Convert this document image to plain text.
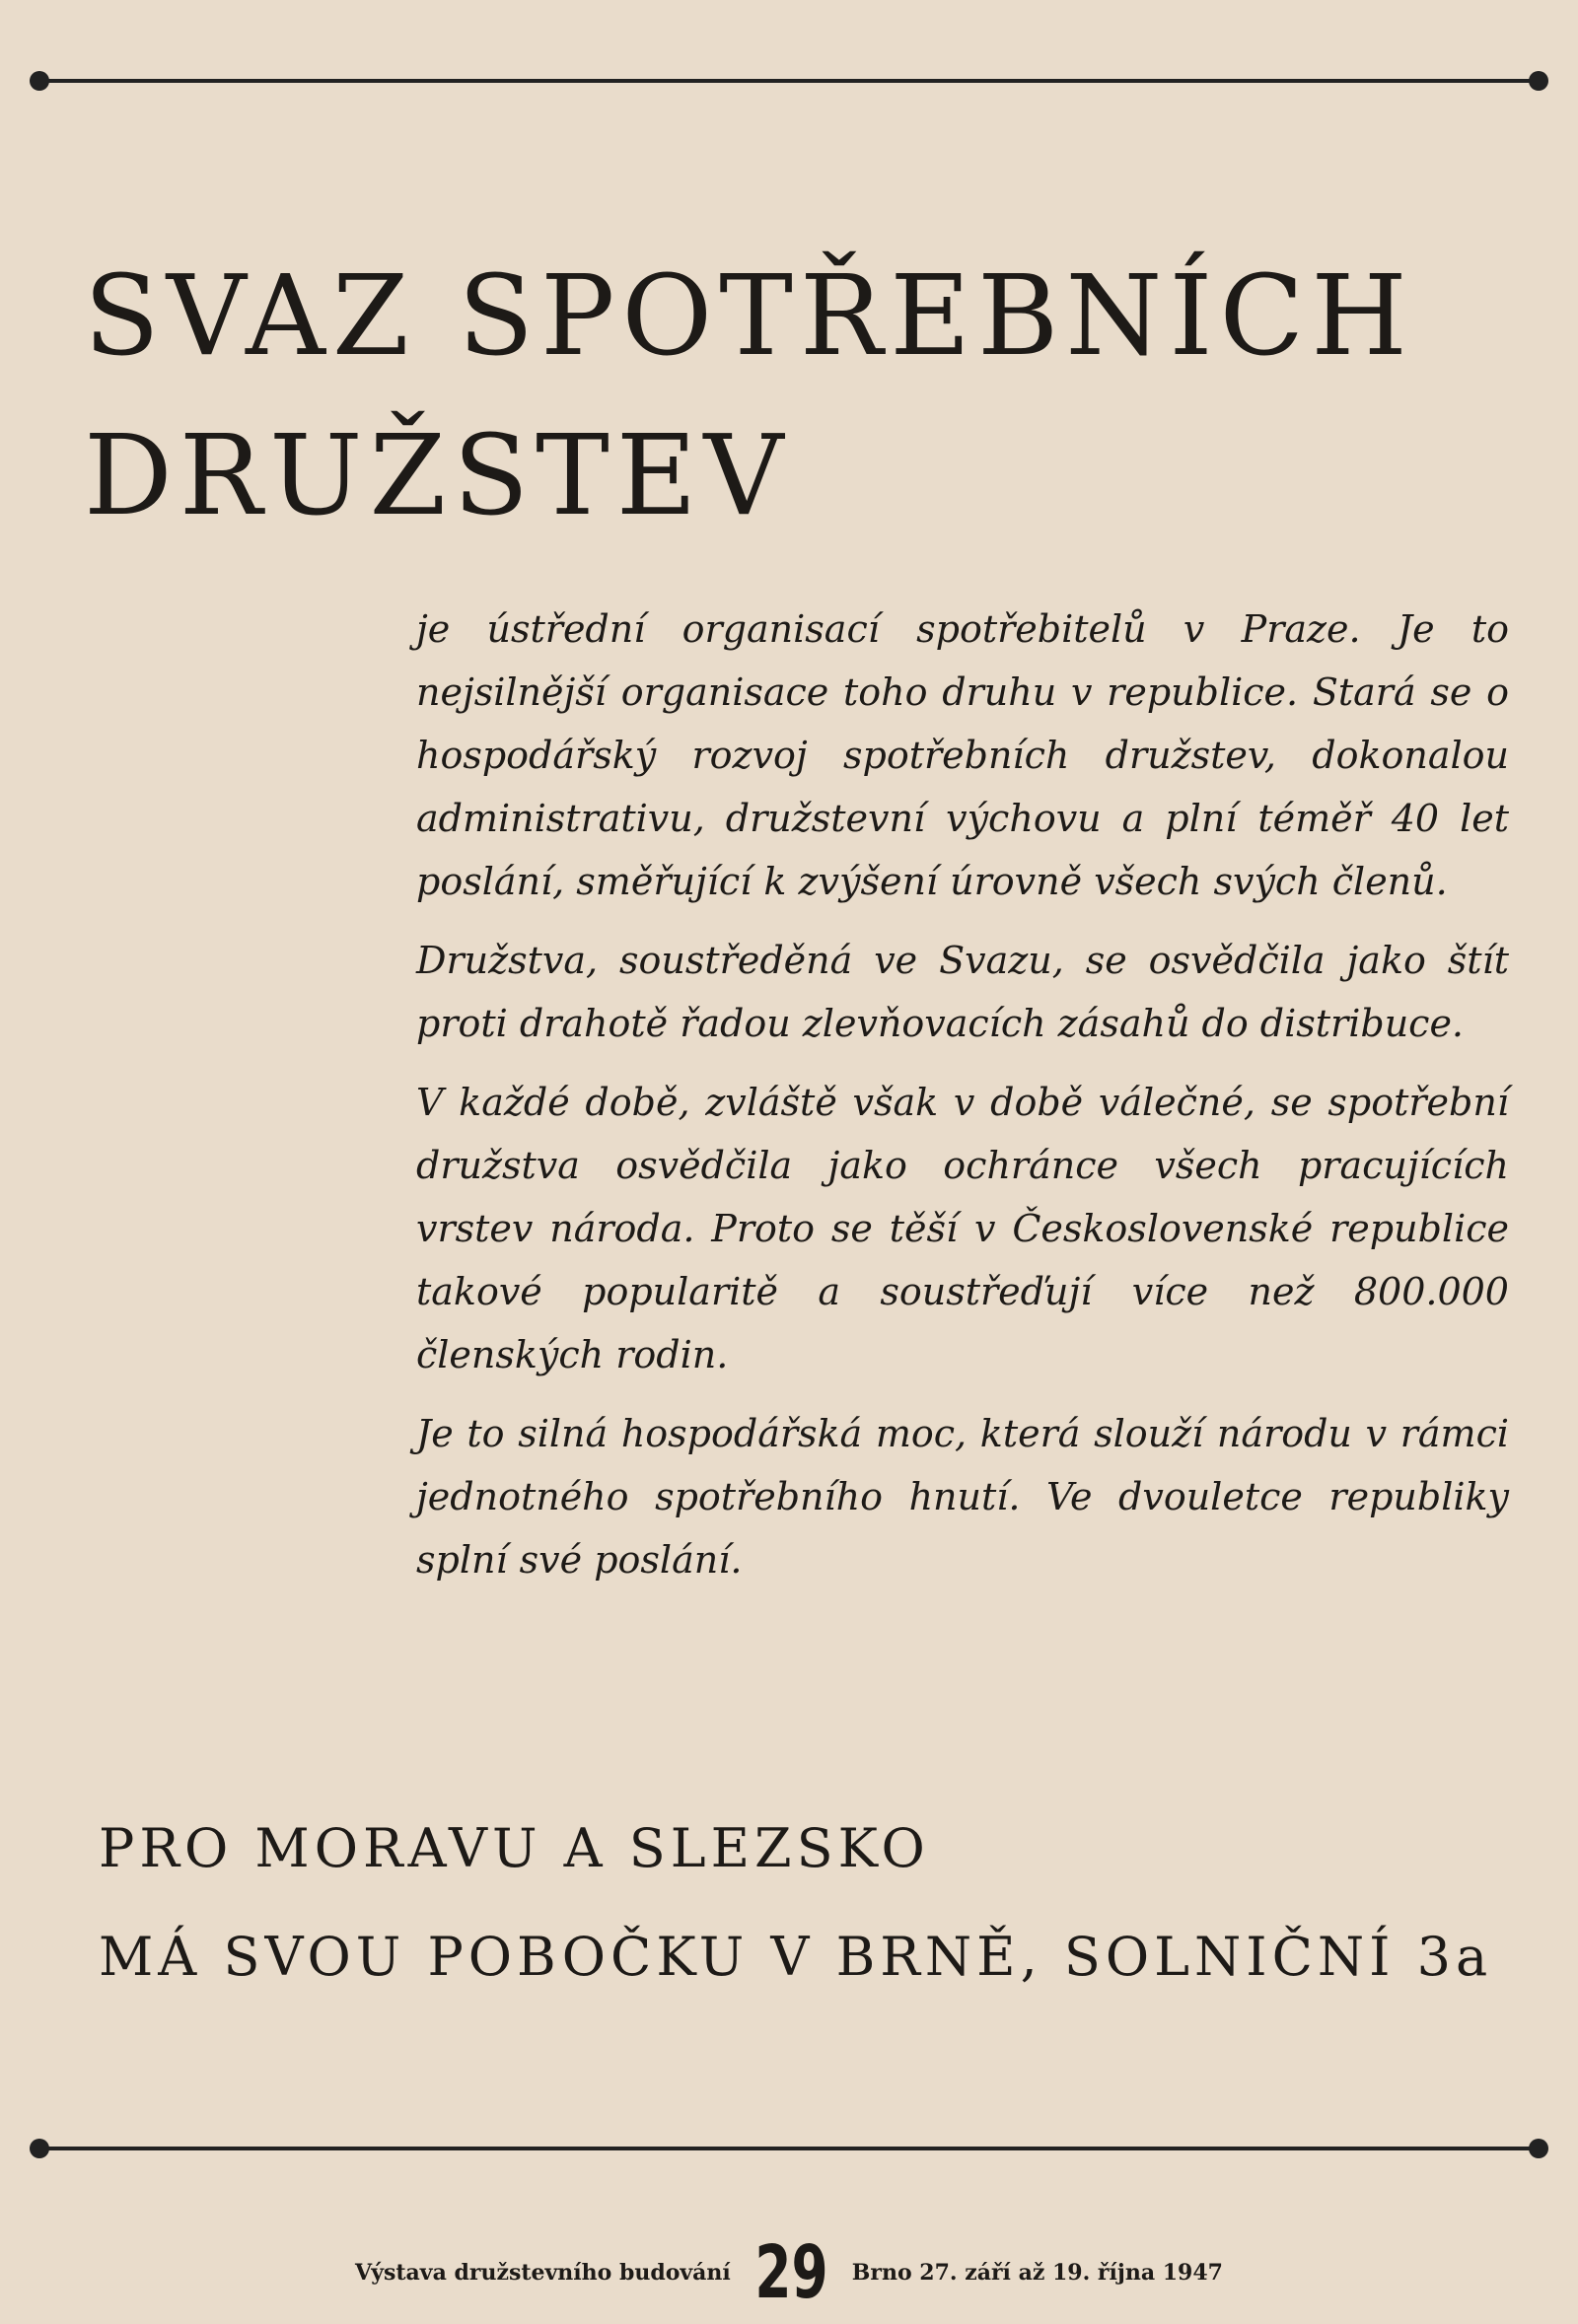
SVAZ SPOTŘEBNÍCH
DRUŽSTEV

je ústřední organisací spotřebitelů v Praze. Je to nejsilnější organisace toho druhu v republice. Stará se o hospodářský rozvoj spotřebních družstev, dokonalou administrativu, družstevní výchovu a plní téměř 40 let poslání, směřující k zvýšení úrovně všech svých členů.

Družstva, soustředěná ve Svazu, se osvědčila jako štít proti drahotě řadou zlevňovacích zásahů do distribuce.

V každé době, zvláště však v době válečné, se spotřební družstva osvědčila jako ochránce všech pracujících vrstev národa. Proto se těší v Československé republice takové popularitě a soustřeďují více než 800.000 členských rodin.

Je to silná hospodářská moc, která slouží národu v rámci jednotného spotřebního hnutí. Ve dvouletce republiky splní své poslání.

PRO MORAVU A SLEZSKO
MÁ SVOU POBOČKU V BRNĚ, SOLNIČNÍ 3a
Výstava družstevního budování 29 Brno 27. září až 19. října 1947
